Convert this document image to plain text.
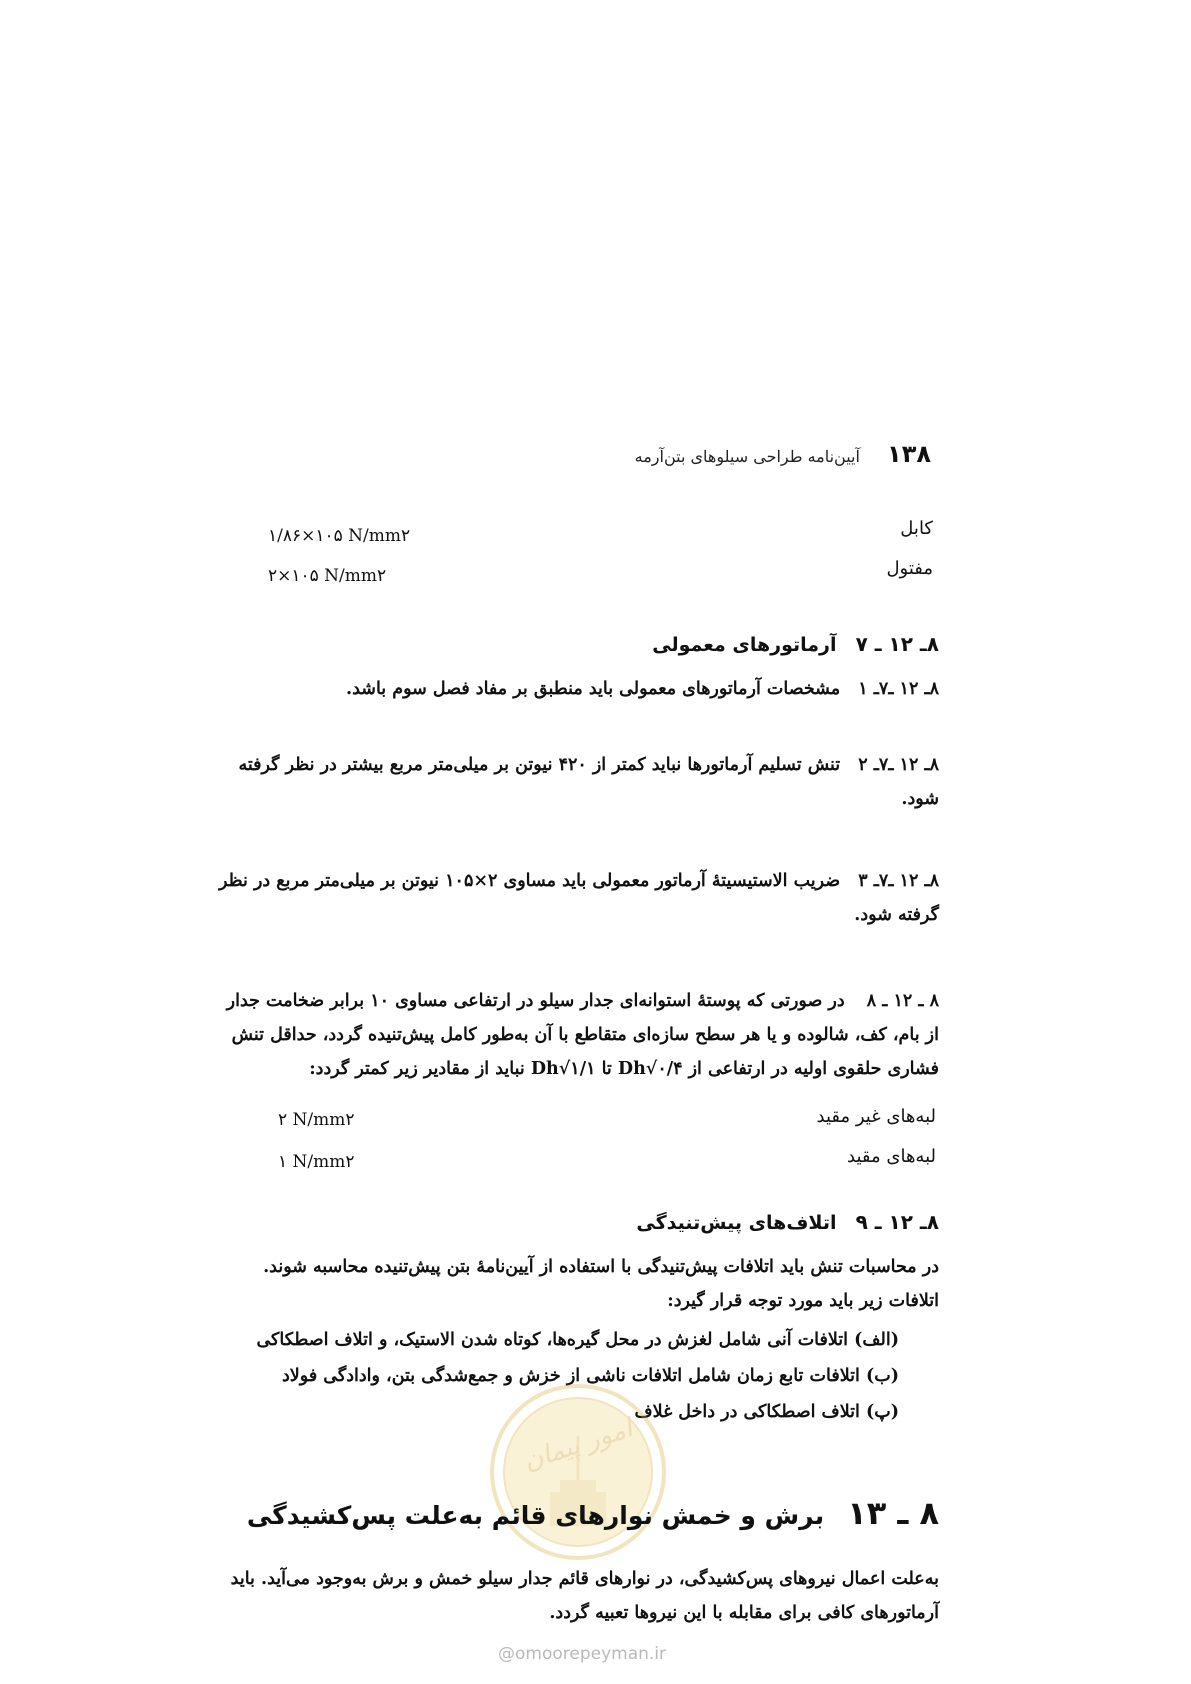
۱۳۸ آیین‌نامه طراحی سیلوهای بتن‌آرمه
کابل
۱/۸۶×۱۰۵ N/mm۲
مفتول
۲×۱۰۵ N/mm۲
۸ـ ۱۲ ـ ۷ آرماتورهای معمولی
۸ـ ۱۲ ـ۷ـ ۱ مشخصات آرماتورهای معمولی باید منطبق بر مفاد فصل سوم باشد.
۸ـ ۱۲ ـ۷ـ ۲ تنش تسلیم آرماتورها نباید کمتر از ۴۲۰ نیوتن بر میلی‌متر مربع بیشتر در نظر گرفته شود.
۸ـ ۱۲ ـ۷ـ ۳ ضریب الاستیسیتهٔ آرماتور معمولی باید مساوی ۲×۱۰۵ نیوتن بر میلی‌متر مربع در نظر گرفته شود.
۸ ـ ۱۲ ـ ۸ در صورتی که پوستهٔ استوانه‌ای جدار سیلو در ارتفاعی مساوی ۱۰ برابر ضخامت جدار از بام، کف، شالوده و یا هر سطح سازه‌ای متقاطع با آن به‌طور کامل پیش‌تنیده گردد، حداقل تنش فشاری حلقوی اولیه در ارتفاعی از ۰/۴√Dh تا ۱/۱√Dh نباید از مقادیر زیر کمتر گردد:
لبه‌های غیر مقید
۲ N/mm۲
لبه‌های مقید
۱ N/mm۲
۸ـ ۱۲ ـ ۹ اتلاف‌های پیش‌تنیدگی
در محاسبات تنش باید اتلافات پیش‌تنیدگی با استفاده از آیین‌نامهٔ بتن پیش‌تنیده محاسبه شوند.
اتلافات زیر باید مورد توجه قرار گیرد:
(الف) اتلافات آنی شامل لغزش در محل گیره‌ها، کوتاه شدن الاستیک، و اتلاف اصطکاکی
(ب) اتلافات تابع زمان شامل اتلافات ناشی از خزش و جمع‌شدگی بتن، وادادگی فولاد
(پ) اتلاف اصطکاکی در داخل غلاف
امور پیمان
۸ ـ ۱۳ برش و خمش نوارهای قائم به‌علت پس‌کشیدگی
به‌علت اعمال نیروهای پس‌کشیدگی، در نوارهای قائم جدار سیلو خمش و برش به‌وجود می‌آید. باید آرماتورهای کافی برای مقابله با این نیروها تعبیه گردد.
@omoorepeyman.ir
